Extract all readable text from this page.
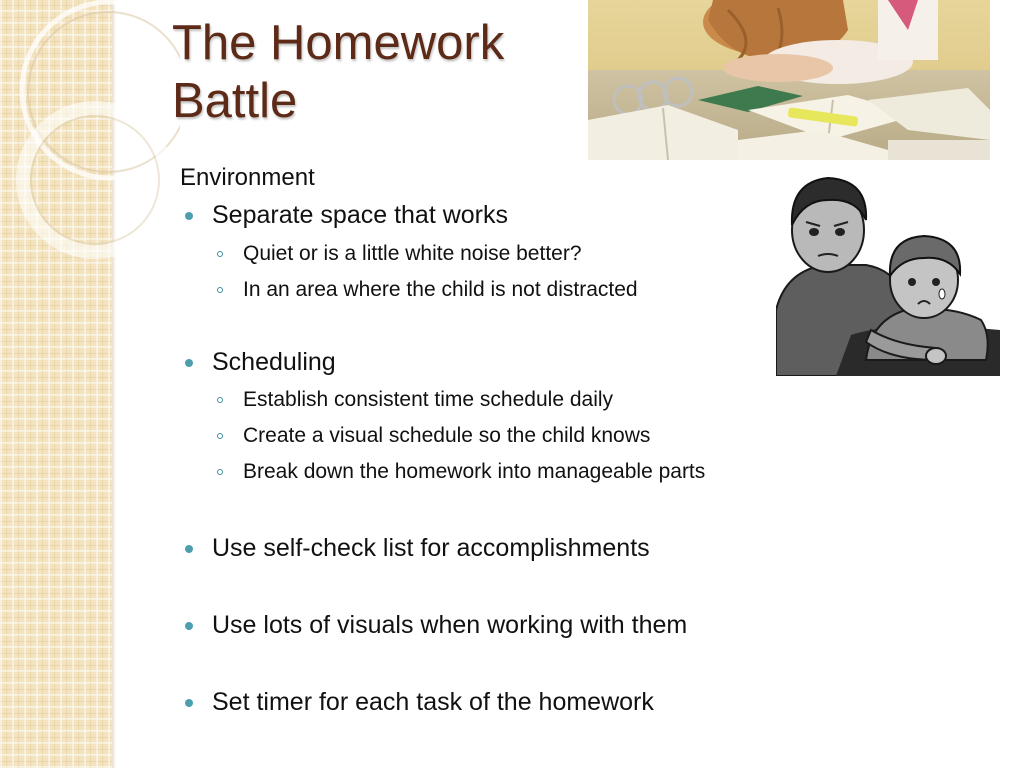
The Homework
Battle
Environment
Separate space that works
Quiet or is a little white noise better?
In an area where the child is not distracted
Scheduling
Establish consistent time schedule daily
Create a visual schedule so the child knows
Break down the homework into manageable parts
Use self-check list for accomplishments
Use lots of visuals when working with them
Set timer for each task of the homework
